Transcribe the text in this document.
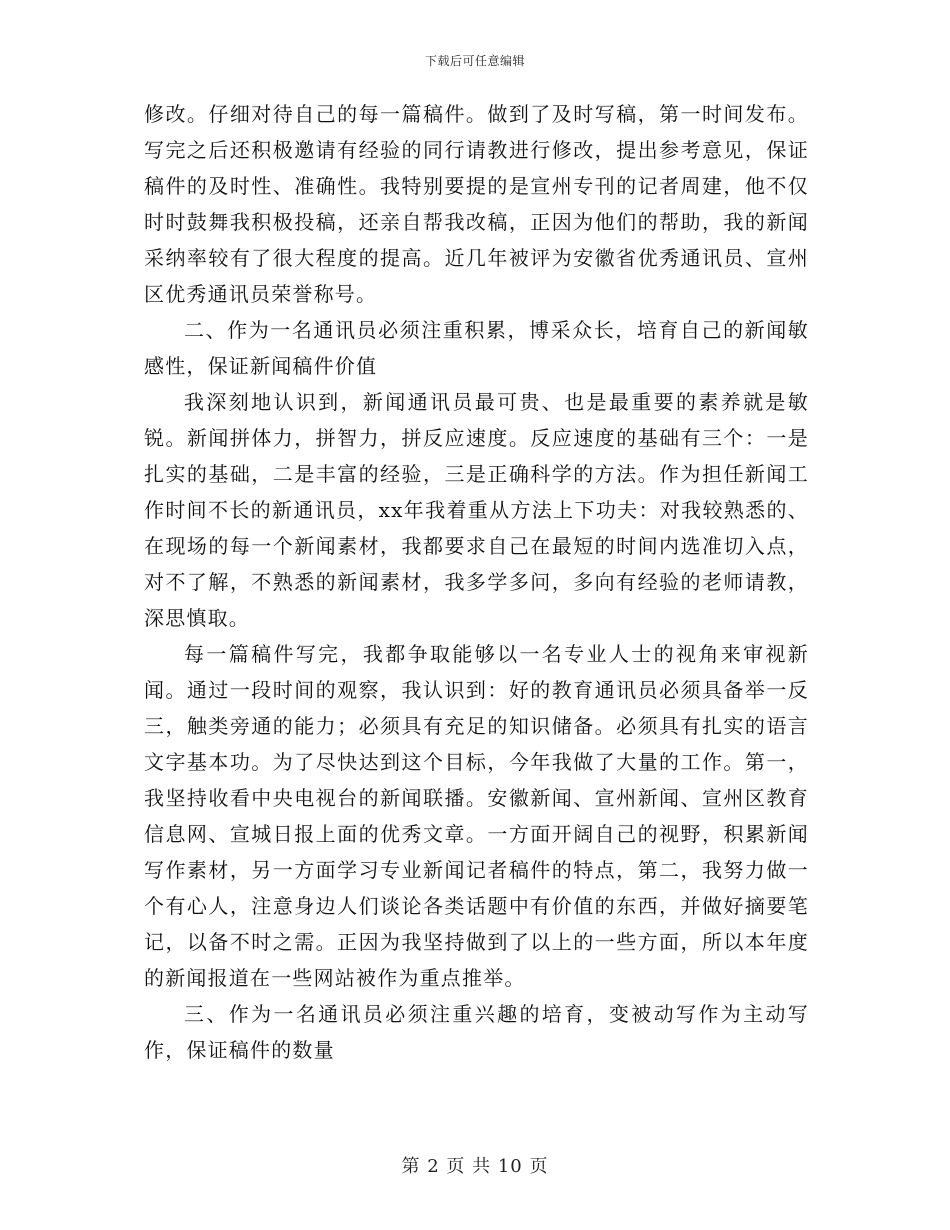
下载后可任意编辑

修改。仔细对待自己的每一篇稿件。做到了及时写稿，第一时间发布。写完之后还积极邀请有经验的同行请教进行修改，提出参考意见，保证稿件的及时性、准确性。我特别要提的是宣州专刊的记者周建，他不仅时时鼓舞我积极投稿，还亲自帮我改稿，正因为他们的帮助，我的新闻采纳率较有了很大程度的提高。近几年被评为安徽省优秀通讯员、宣州区优秀通讯员荣誉称号。

二、作为一名通讯员必须注重积累，博采众长，培育自己的新闻敏感性，保证新闻稿件价值

我深刻地认识到，新闻通讯员最可贵、也是最重要的素养就是敏锐。新闻拼体力，拼智力，拼反应速度。反应速度的基础有三个：一是扎实的基础，二是丰富的经验，三是正确科学的方法。作为担任新闻工作时间不长的新通讯员，xx年我着重从方法上下功夫：对我较熟悉的、在现场的每一个新闻素材，我都要求自己在最短的时间内选准切入点，对不了解，不熟悉的新闻素材，我多学多问，多向有经验的老师请教，深思慎取。

每一篇稿件写完，我都争取能够以一名专业人士的视角来审视新闻。通过一段时间的观察，我认识到：好的教育通讯员必须具备举一反三，触类旁通的能力；必须具有充足的知识储备。必须具有扎实的语言文字基本功。为了尽快达到这个目标，今年我做了大量的工作。第一，我坚持收看中央电视台的新闻联播。安徽新闻、宣州新闻、宣州区教育信息网、宣城日报上面的优秀文章。一方面开阔自己的视野，积累新闻写作素材，另一方面学习专业新闻记者稿件的特点，第二，我努力做一个有心人，注意身边人们谈论各类话题中有价值的东西，并做好摘要笔记，以备不时之需。正因为我坚持做到了以上的一些方面，所以本年度的新闻报道在一些网站被作为重点推举。

三、作为一名通讯员必须注重兴趣的培育，变被动写作为主动写作，保证稿件的数量

第 2 页 共 10 页
